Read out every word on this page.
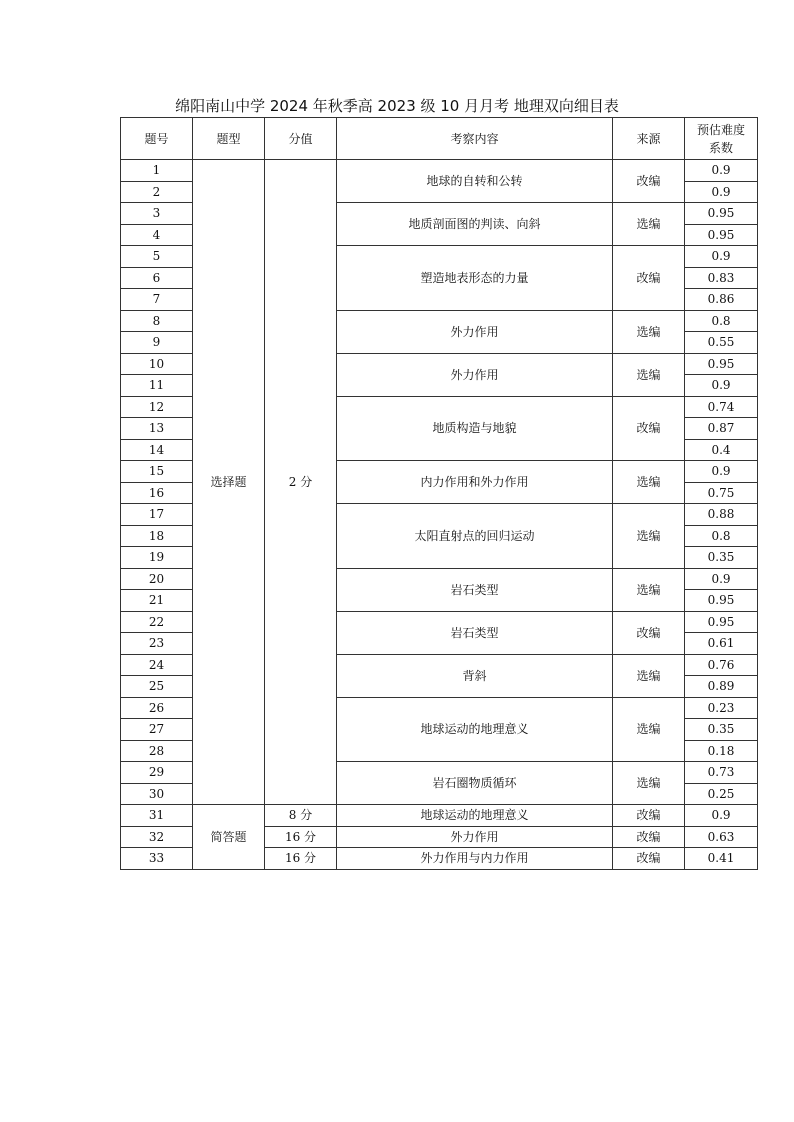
绵阳南山中学 2024 年秋季高 2023 级 10 月月考 地理双向细目表
题号	题型	分值	考察内容	来源	预估难度系数
1	选择题	2 分	地球的自转和公转	改编	0.9
2					0.9
3			地质剖面图的判读、向斜	选编	0.95
4					0.95
5			塑造地表形态的力量	改编	0.9
6					0.83
7					0.86
8			外力作用	选编	0.8
9					0.55
10			外力作用	选编	0.95
11					0.9
12			地质构造与地貌	改编	0.74
13					0.87
14					0.4
15			内力作用和外力作用	选编	0.9
16					0.75
17			太阳直射点的回归运动	选编	0.88
18					0.8
19					0.35
20			岩石类型	选编	0.9
21					0.95
22			岩石类型	改编	0.95
23					0.61
24			背斜	选编	0.76
25					0.89
26			地球运动的地理意义	选编	0.23
27					0.35
28					0.18
29			岩石圈物质循环	选编	0.73
30					0.25
31	简答题	8 分	地球运动的地理意义	改编	0.9
32		16 分	外力作用	改编	0.63
33		16 分	外力作用与内力作用	改编	0.41
